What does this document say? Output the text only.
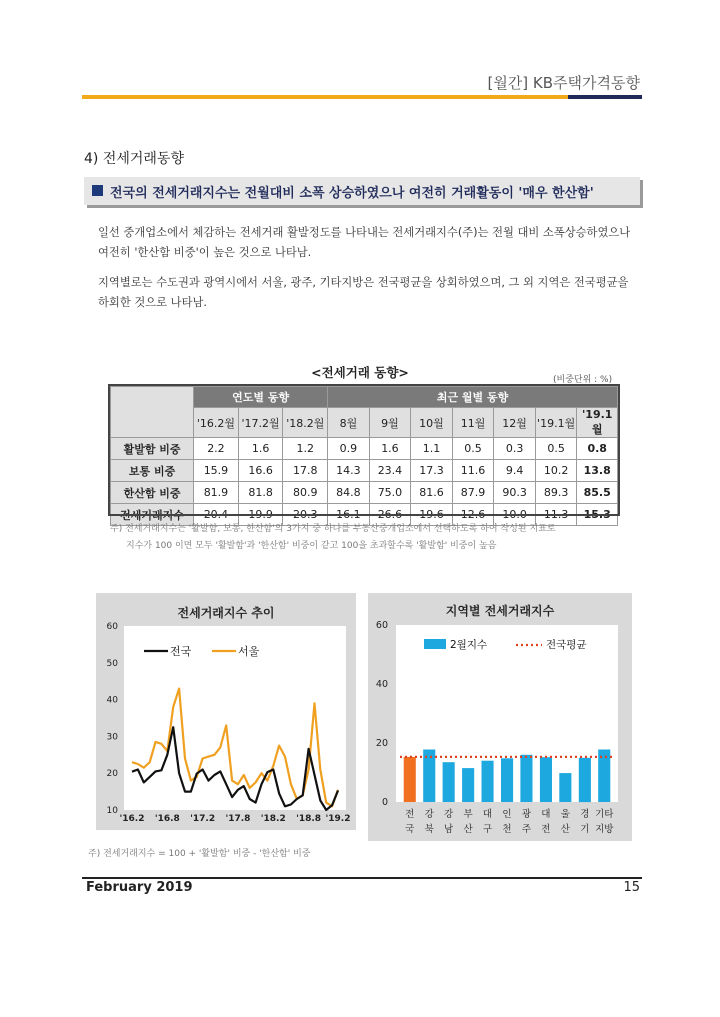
[월간] KB주택가격동향
4) 전세거래동향
전국의 전세거래지수는 전월대비 소폭 상승하였으나 여전히 거래활동이 '매우 한산함'
일선 중개업소에서 체감하는 전세거래 활발정도를 나타내는 전세거래지수(주)는 전월 대비 소폭상승하였으나 여전히 '한산함 비중'이 높은 것으로 나타남.
지역별로는 수도권과 광역시에서 서울, 광주, 기타지방은 전국평균을 상회하였으며, 그 외 지역은 전국평균을 하회한 것으로 나타남.
<전세거래 동향>	(비중단위 : %)
	연도별 동향			최근 월별 동향						
	'16.2월	'17.2월	'18.2월	8월	9월	10월	11월	12월	'19.1월	'19.1월
활발함 비중	2.2	1.6	1.2	0.9	1.6	1.1	0.5	0.3	0.5	0.8
보통 비중	15.9	16.6	17.8	14.3	23.4	17.3	11.6	9.4	10.2	13.8
한산함 비중	81.9	81.8	80.9	84.8	75.0	81.6	87.9	90.3	89.3	85.5
전세거래지수	20.4	19.9	20.3	16.1	26.6	19.6	12.6	10.0	11.3	15.3
주) 전세거래지수는 '활발함, 보통, 한산함'의 3가지 중 하나를 부동산중개업소에서 선택하도록 하여 작성된 지표로
지수가 100 이면 모두 '활발함'과 '한산함' 비중이 같고 100을 초과할수록 '활발함' 비중이 높음
전세거래지수 추이
10
20
30
40
50
60
'16.2 '16.8 '17.2 '17.8 '18.2 '18.8 '19.2
전국	서울
지역별 전세거래지수
0
20
40
60
전
국
강
북
강
남
부
산
대
구
인
천
광
주
대
전
울
산
경
기
기타
지방
2월지수	전국평균
주) 전세거래지수 = 100 + '활발함' 비중 - '한산함' 비중
February 2019	15
